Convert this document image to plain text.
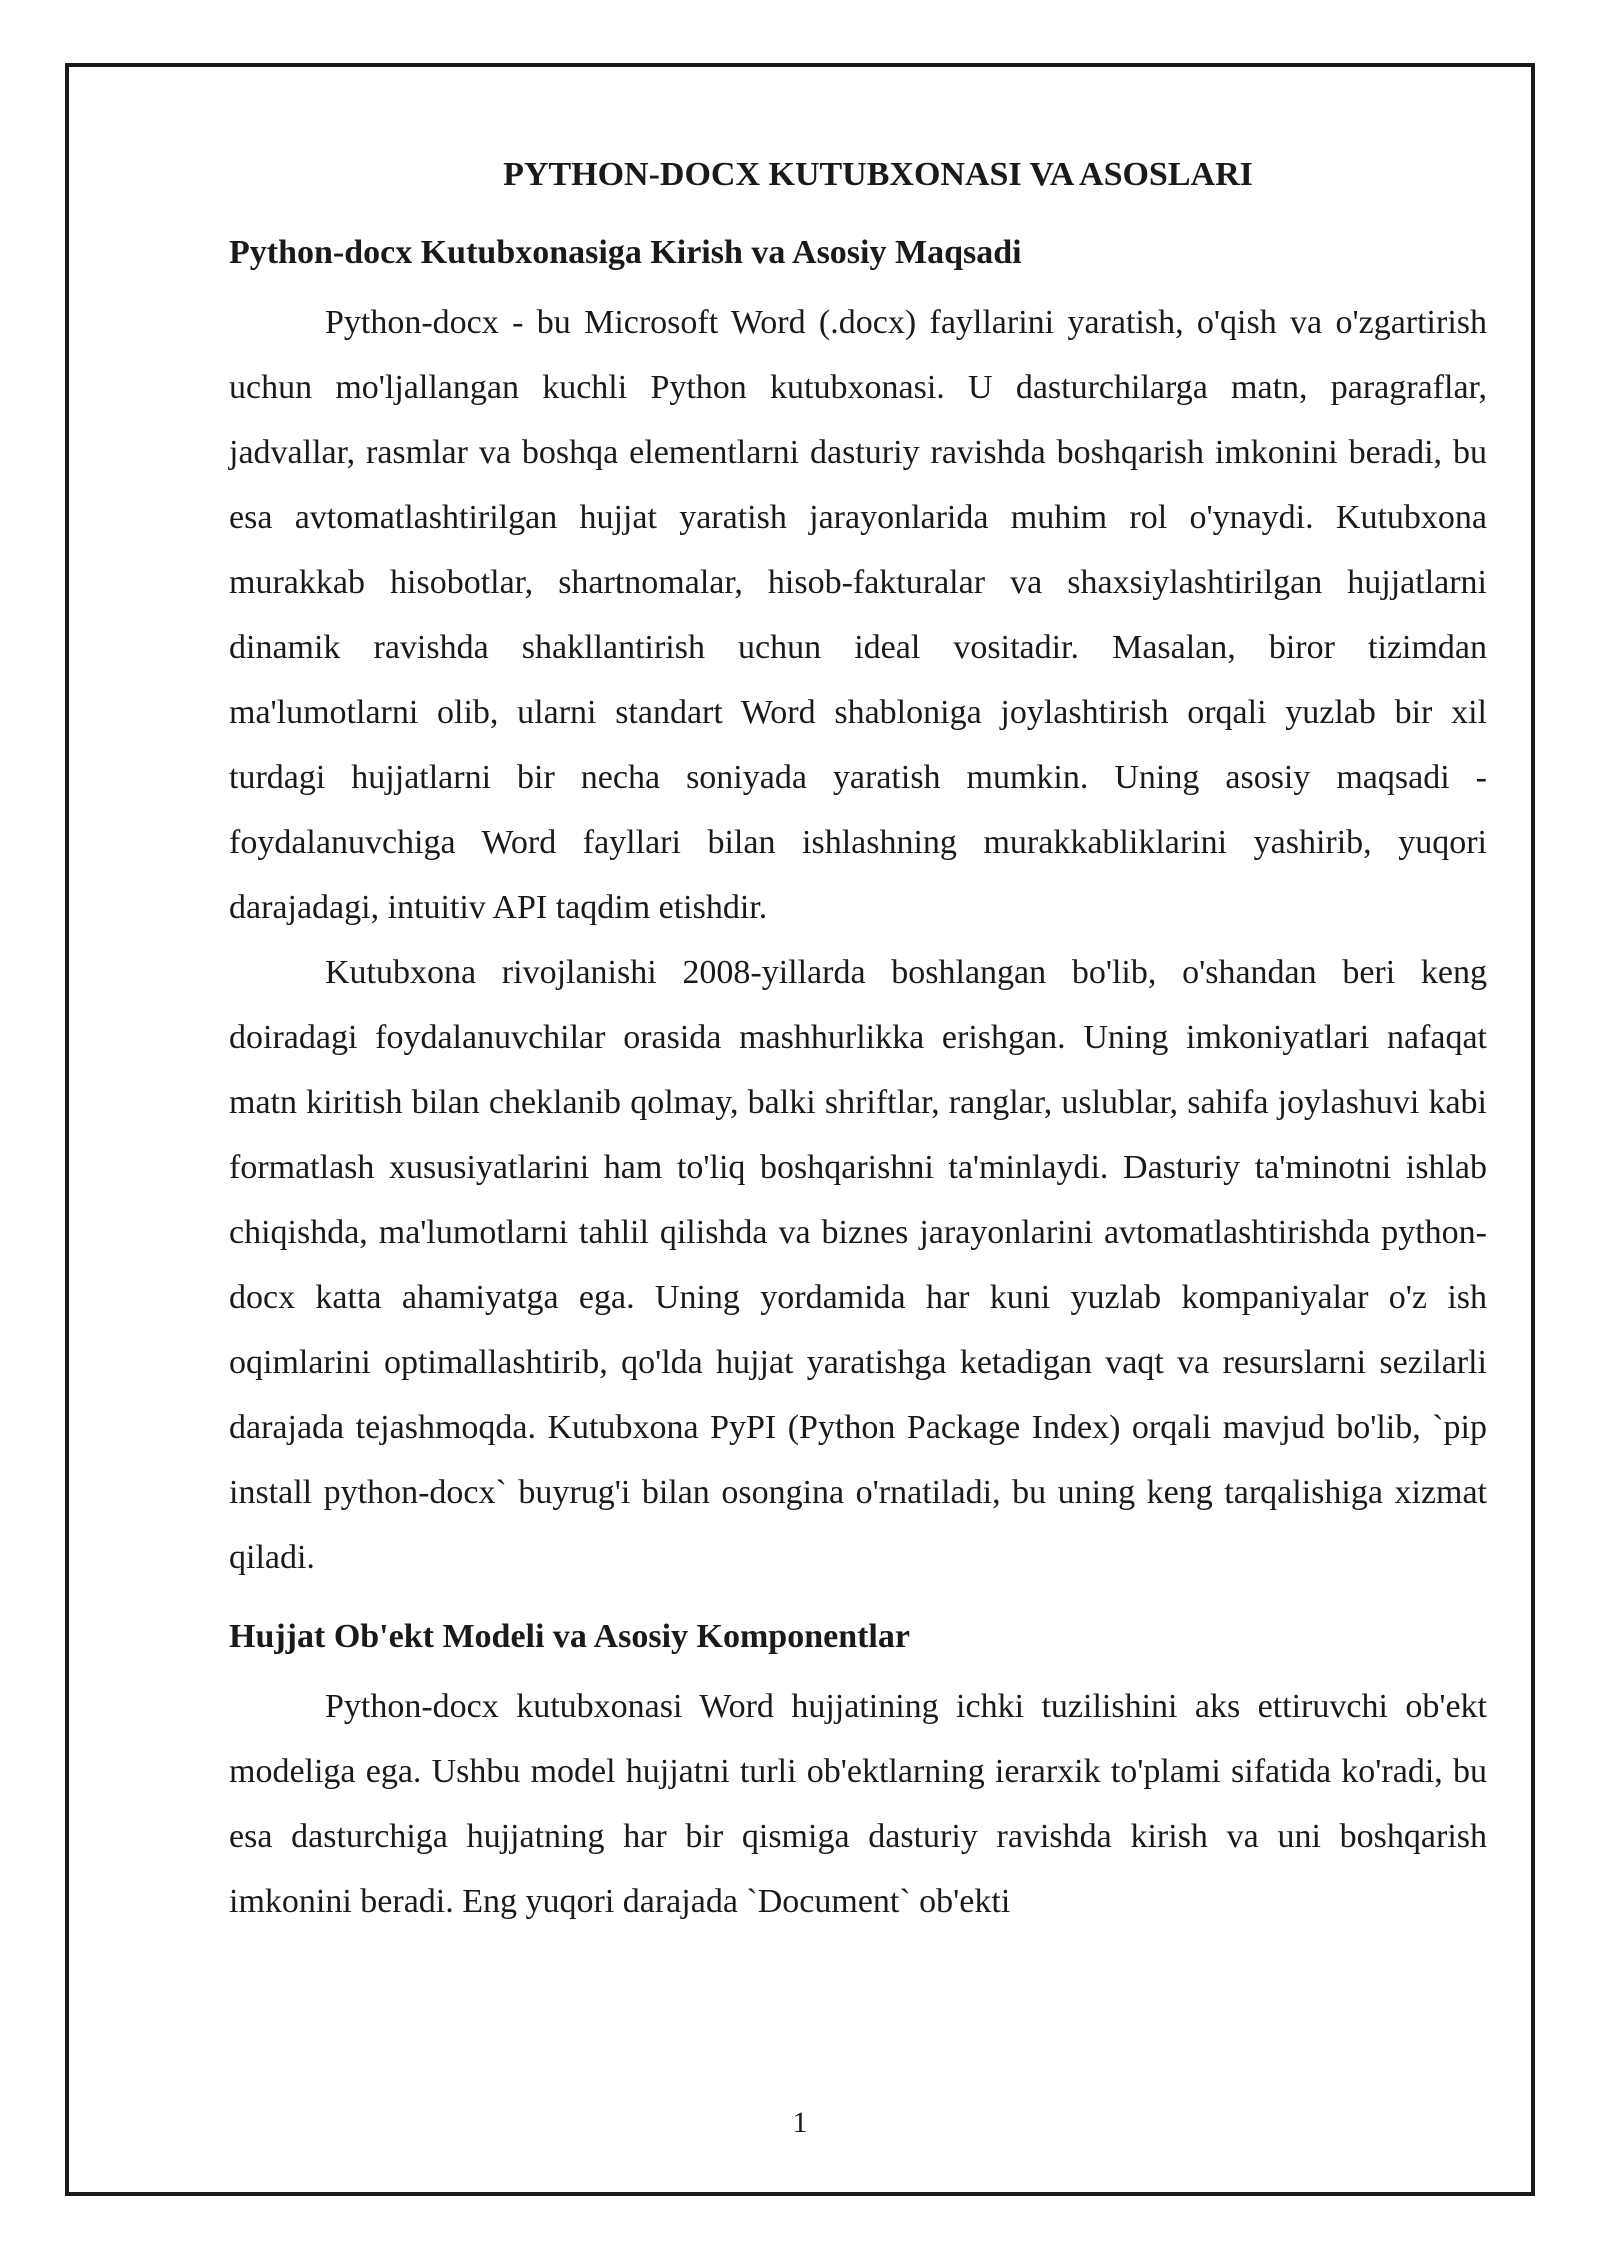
PYTHON-DOCX KUTUBXONASI VA ASOSLARI
Python-docx Kutubxonasiga Kirish va Asosiy Maqsadi

Python-docx - bu Microsoft Word (.docx) fayllarini yaratish, o'qish va o'zgartirish uchun mo'ljallangan kuchli Python kutubxonasi. U dasturchilarga matn, paragraflar, jadvallar, rasmlar va boshqa elementlarni dasturiy ravishda boshqarish imkonini beradi, bu esa avtomatlashtirilgan hujjat yaratish jarayonlarida muhim rol o'ynaydi. Kutubxona murakkab hisobotlar, shartnomalar, hisob-fakturalar va shaxsiylashtirilgan hujjatlarni dinamik ravishda shakllantirish uchun ideal vositadir. Masalan, biror tizimdan ma'lumotlarni olib, ularni standart Word shabloniga joylashtirish orqali yuzlab bir xil turdagi hujjatlarni bir necha soniyada yaratish mumkin. Uning asosiy maqsadi - foydalanuvchiga Word fayllari bilan ishlashning murakkabliklarini yashirib, yuqori darajadagi, intuitiv API taqdim etishdir.

Kutubxona rivojlanishi 2008-yillarda boshlangan bo'lib, o'shandan beri keng doiradagi foydalanuvchilar orasida mashhurlikka erishgan. Uning imkoniyatlari nafaqat matn kiritish bilan cheklanib qolmay, balki shriftlar, ranglar, uslublar, sahifa joylashuvi kabi formatlash xususiyatlarini ham to'liq boshqarishni ta'minlaydi. Dasturiy ta'minotni ishlab chiqishda, ma'lumotlarni tahlil qilishda va biznes jarayonlarini avtomatlashtirishda python-docx katta ahamiyatga ega. Uning yordamida har kuni yuzlab kompaniyalar o'z ish oqimlarini optimallashtirib, qo'lda hujjat yaratishga ketadigan vaqt va resurslarni sezilarli darajada tejashmoqda. Kutubxona PyPI (Python Package Index) orqali mavjud bo'lib, `pip install python-docx` buyrug'i bilan osongina o'rnatiladi, bu uning keng tarqalishiga xizmat qiladi.

Hujjat Ob'ekt Modeli va Asosiy Komponentlar

Python-docx kutubxonasi Word hujjatining ichki tuzilishini aks ettiruvchi ob'ekt modeliga ega. Ushbu model hujjatni turli ob'ektlarning ierarxik to'plami sifatida ko'radi, bu esa dasturchiga hujjatning har bir qismiga dasturiy ravishda kirish va uni boshqarish imkonini beradi. Eng yuqori darajada `Document` ob'ekti

1
